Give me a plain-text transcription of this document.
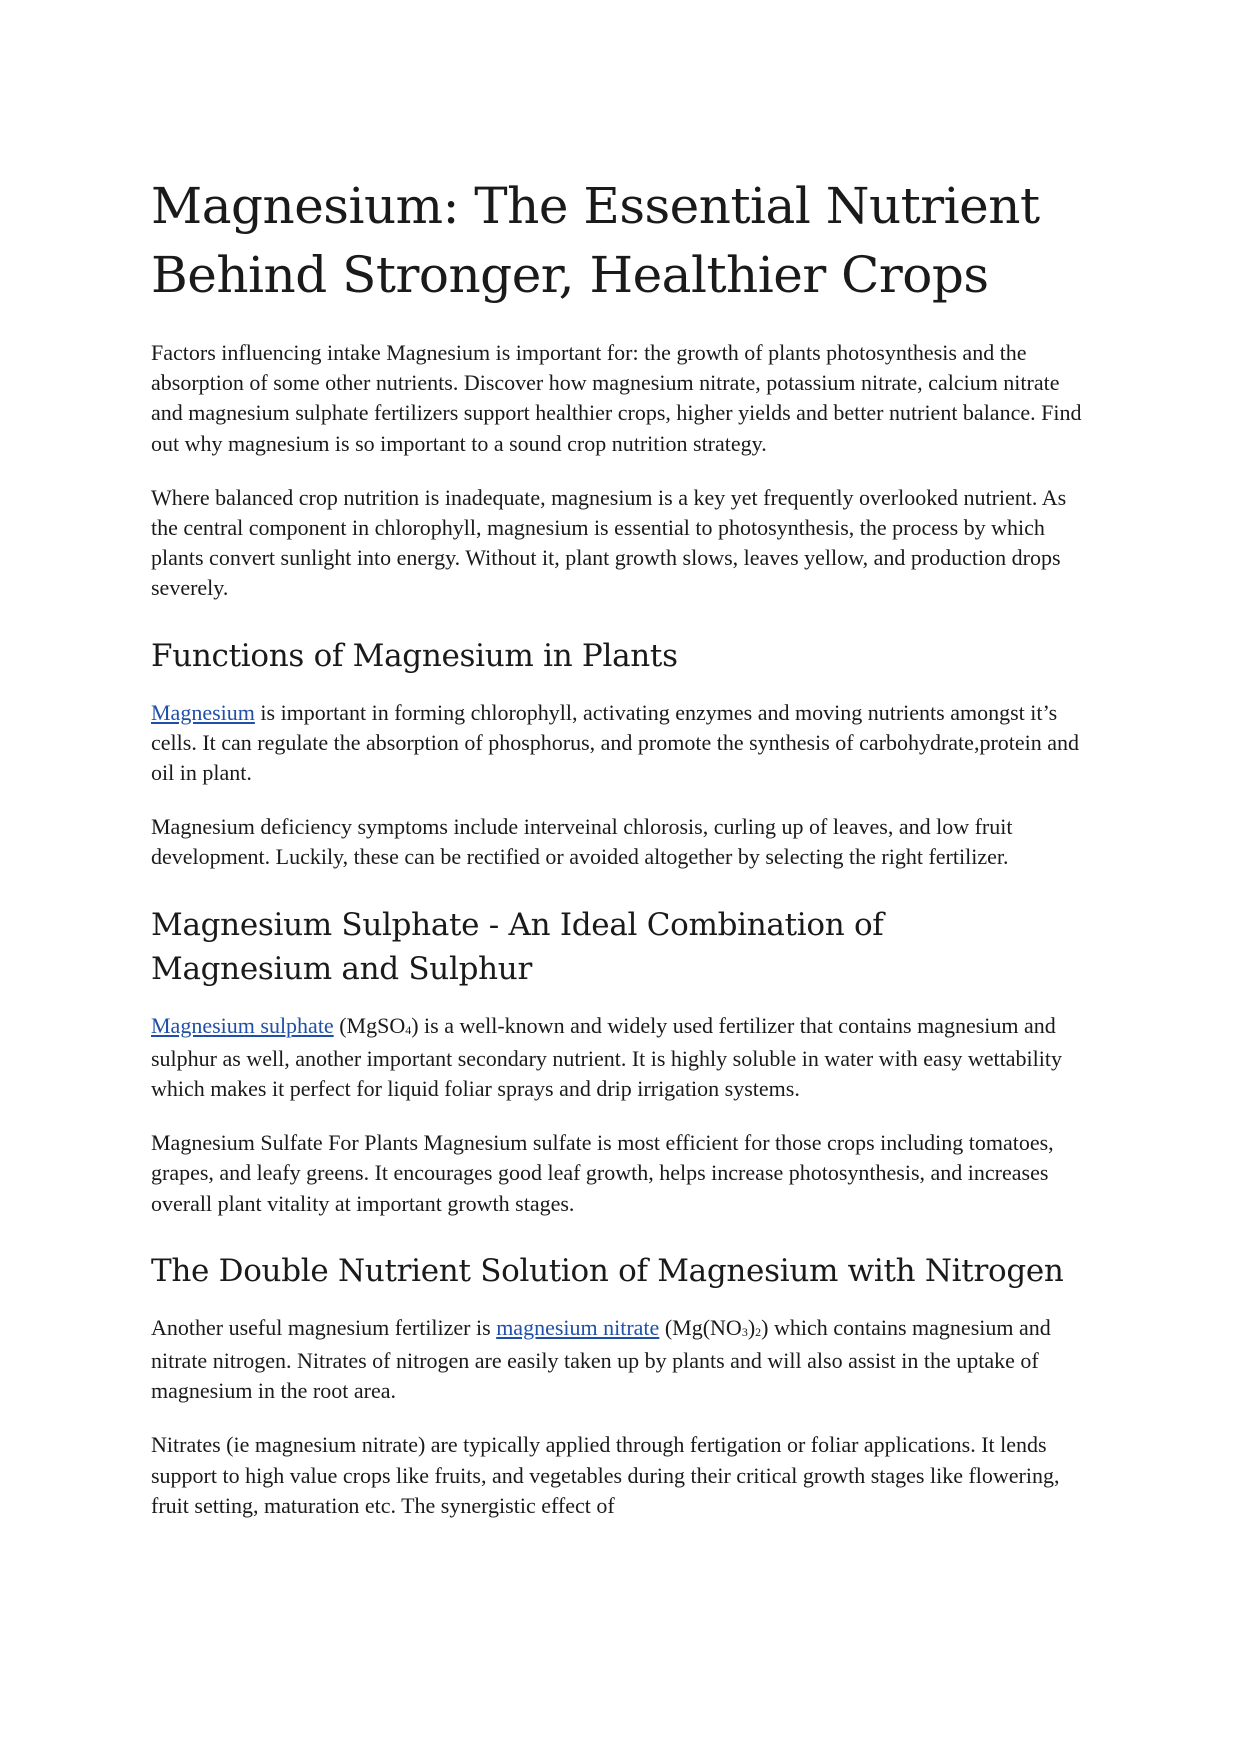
Magnesium: The Essential Nutrient
Behind Stronger, Healthier Crops

Factors influencing intake Magnesium is important for: the growth of plants photosynthesis and the absorption of some other nutrients. Discover how magnesium nitrate, potassium nitrate, calcium nitrate and magnesium sulphate fertilizers support healthier crops, higher yields and better nutrient balance. Find out why magnesium is so important to a sound crop nutrition strategy.

Where balanced crop nutrition is inadequate, magnesium is a key yet frequently overlooked nutrient. As the central component in chlorophyll, magnesium is essential to photosynthesis, the process by which plants convert sunlight into energy. Without it, plant growth slows, leaves yellow, and production drops severely.

Functions of Magnesium in Plants

Magnesium is important in forming chlorophyll, activating enzymes and moving nutrients amongst it’s cells. It can regulate the absorption of phosphorus, and promote the synthesis of carbohydrate,protein and oil in plant.

Magnesium deficiency symptoms include interveinal chlorosis, curling up of leaves, and low fruit development. Luckily, these can be rectified or avoided altogether by selecting the right fertilizer.

Magnesium Sulphate - An Ideal Combination of Magnesium and Sulphur

Magnesium sulphate (MgSO$_4$) is a well-known and widely used fertilizer that contains magnesium and sulphur as well, another important secondary nutrient. It is highly soluble in water with easy wettability which makes it perfect for liquid foliar sprays and drip irrigation systems.

Magnesium Sulfate For Plants Magnesium sulfate is most efficient for those crops including tomatoes, grapes, and leafy greens. It encourages good leaf growth, helps increase photosynthesis, and increases overall plant vitality at important growth stages.

The Double Nutrient Solution of Magnesium with Nitrogen

Another useful magnesium fertilizer is magnesium nitrate $(Mg(NO_3)_2)$ which contains magnesium and nitrate nitrogen. Nitrates of nitrogen are easily taken up by plants and will also assist in the uptake of magnesium in the root area.

Nitrates (ie magnesium nitrate) are typically applied through fertigation or foliar applications. It lends support to high value crops like fruits, and vegetables during their critical growth stages like flowering, fruit setting, maturation etc. The synergistic effect of
